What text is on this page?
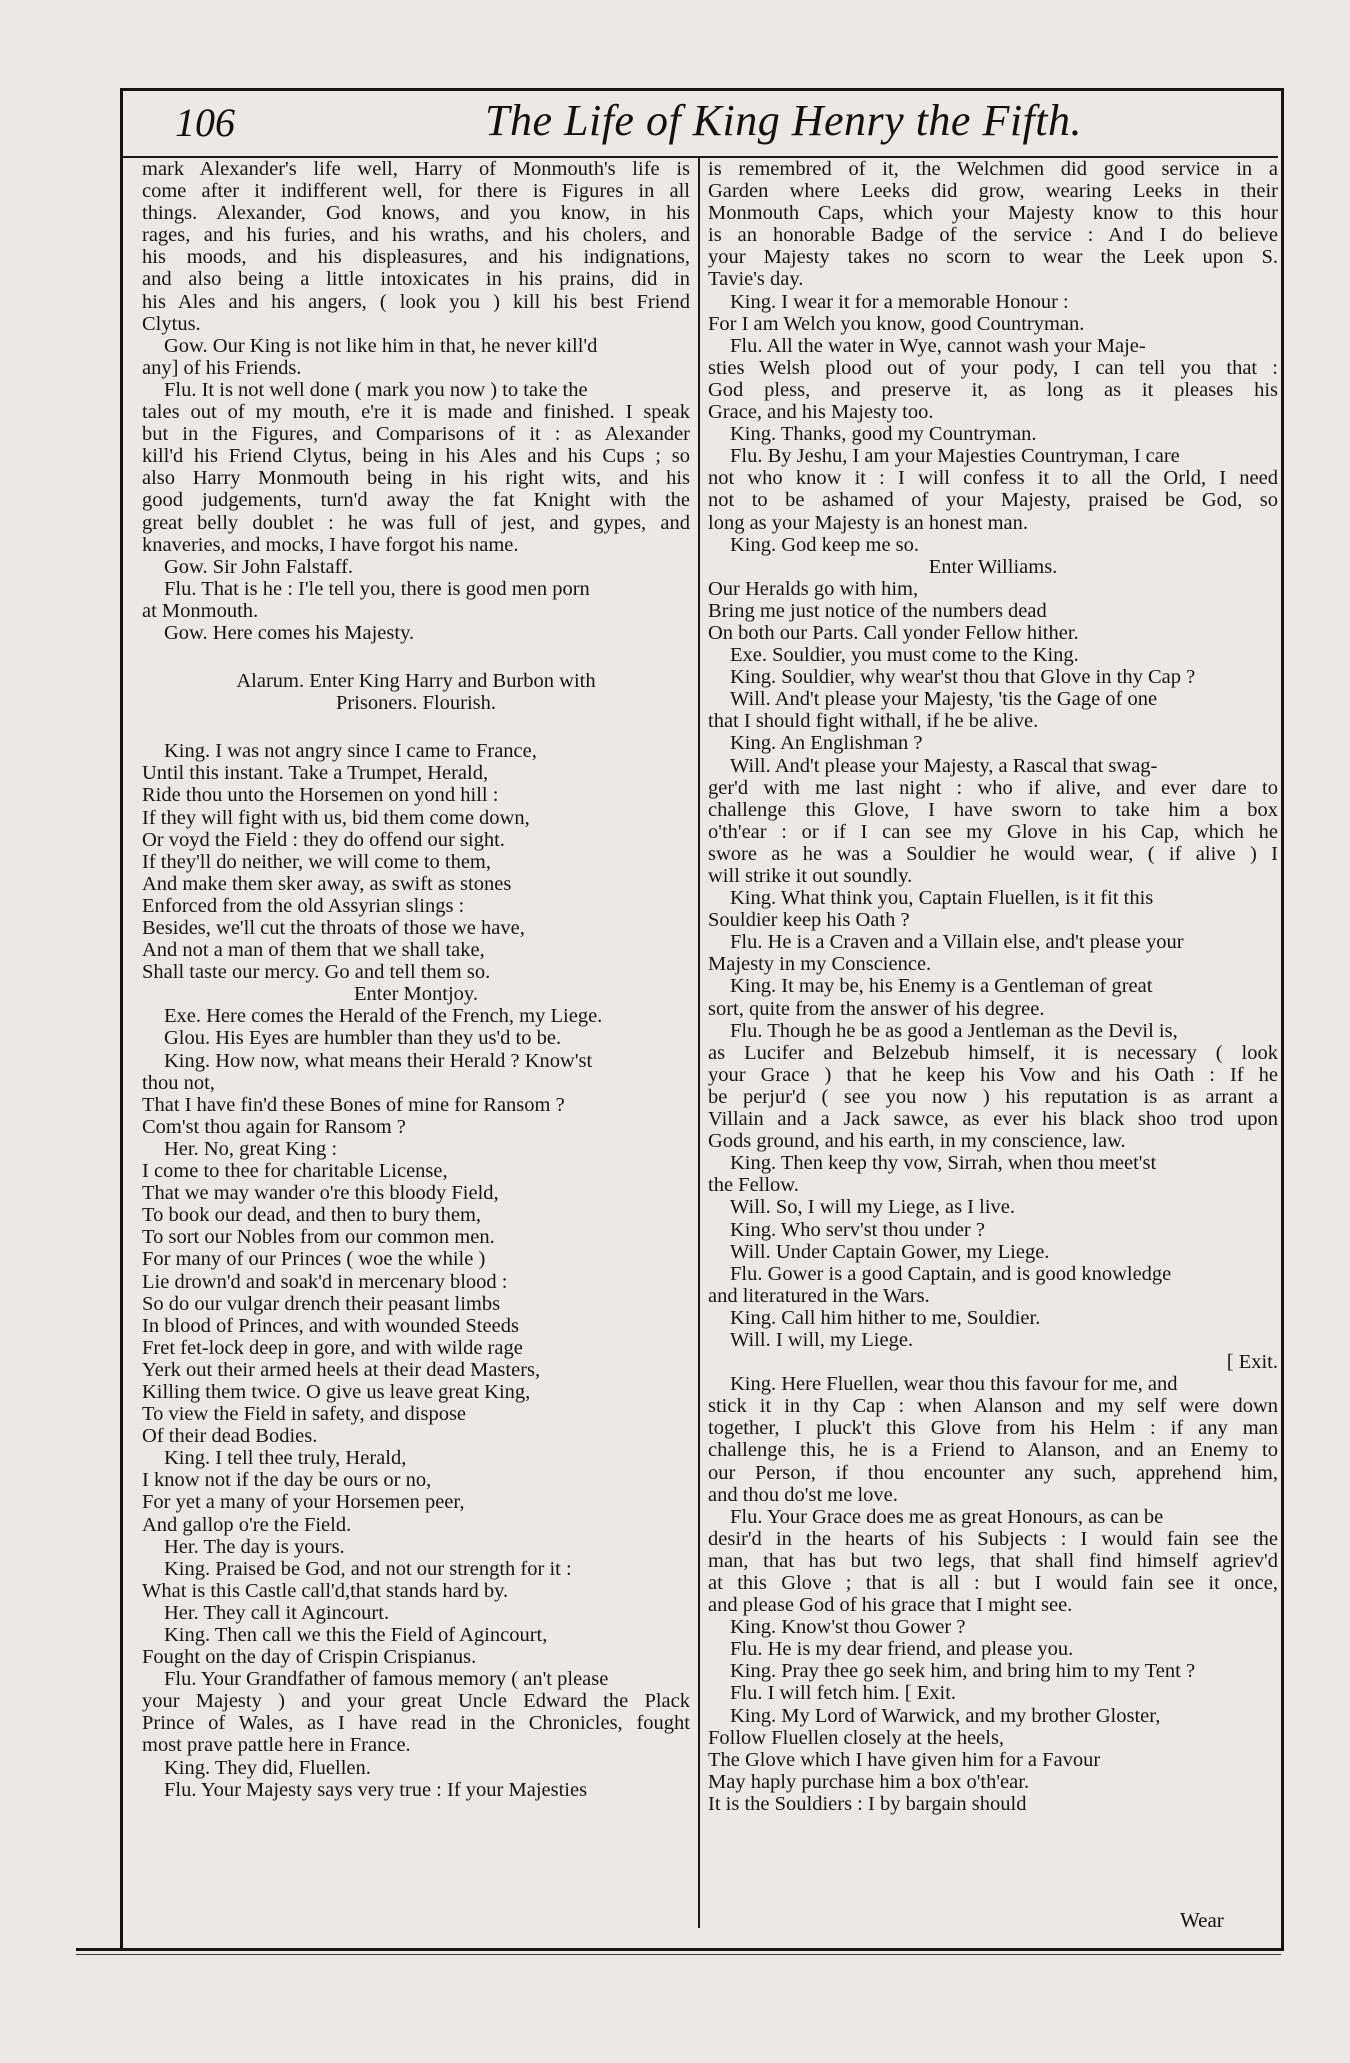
106	The Life of King Henry the Fifth.
mark Alexander's life well, Harry of Monmouth's life is
come after it indifferent well, for there is Figures in all
things. Alexander, God knows, and you know, in his
rages, and his furies, and his wraths, and his cholers, and
his moods, and his displeasures, and his indignations,
and also being a little intoxicates in his prains, did in
his Ales and his angers, ( look you ) kill his best Friend
Clytus.
Gow. Our King is not like him in that, he never kill'd
any] of his Friends.
Flu. It is not well done ( mark you now ) to take the
tales out of my mouth, e're it is made and finished. I speak
but in the Figures, and Comparisons of it : as Alexander
kill'd his Friend Clytus, being in his Ales and his Cups ; so
also Harry Monmouth being in his right wits, and his
good judgements, turn'd away the fat Knight with the
great belly doublet : he was full of jest, and gypes, and
knaveries, and mocks, I have forgot his name.
Gow. Sir John Falstaff.
Flu. That is he : I'le tell you, there is good men porn
at Monmouth.
Gow. Here comes his Majesty.
Alarum. Enter King Harry and Burbon with
Prisoners. Flourish.
King. I was not angry since I came to France,
Until this instant. Take a Trumpet, Herald,
Ride thou unto the Horsemen on yond hill :
If they will fight with us, bid them come down,
Or voyd the Field : they do offend our sight.
If they'll do neither, we will come to them,
And make them sker away, as swift as stones
Enforced from the old Assyrian slings :
Besides, we'll cut the throats of those we have,
And not a man of them that we shall take,
Shall taste our mercy. Go and tell them so.
Enter Montjoy.
Exe. Here comes the Herald of the French, my Liege.
Glou. His Eyes are humbler than they us'd to be.
King. How now, what means their Herald ? Know'st
thou not,
That I have fin'd these Bones of mine for Ransom ?
Com'st thou again for Ransom ?
Her. No, great King :
I come to thee for charitable License,
That we may wander o're this bloody Field,
To book our dead, and then to bury them,
To sort our Nobles from our common men.
For many of our Princes ( woe the while )
Lie drown'd and soak'd in mercenary blood :
So do our vulgar drench their peasant limbs
In blood of Princes, and with wounded Steeds
Fret fet-lock deep in gore, and with wilde rage
Yerk out their armed heels at their dead Masters,
Killing them twice. O give us leave great King,
To view the Field in safety, and dispose
Of their dead Bodies.
King. I tell thee truly, Herald,
I know not if the day be ours or no,
For yet a many of your Horsemen peer,
And gallop o're the Field.
Her. The day is yours.
King. Praised be God, and not our strength for it :
What is this Castle call'd,that stands hard by.
Her. They call it Agincourt.
King. Then call we this the Field of Agincourt,
Fought on the day of Crispin Crispianus.
Flu. Your Grandfather of famous memory ( an't please
your Majesty ) and your great Uncle Edward the Plack
Prince of Wales, as I have read in the Chronicles, fought
most prave pattle here in France.
King. They did, Fluellen.
Flu. Your Majesty says very true : If your Majesties
is remembred of it, the Welchmen did good service in a
Garden where Leeks did grow, wearing Leeks in their
Monmouth Caps, which your Majesty know to this hour
is an honorable Badge of the service : And I do believe
your Majesty takes no scorn to wear the Leek upon S.
Tavie's day.
King. I wear it for a memorable Honour :
For I am Welch you know, good Countryman.
Flu. All the water in Wye, cannot wash your Maje-
sties Welsh plood out of your pody, I can tell you that :
God pless, and preserve it, as long as it pleases his
Grace, and his Majesty too.
King. Thanks, good my Countryman.
Flu. By Jeshu, I am your Majesties Countryman, I care
not who know it : I will confess it to all the Orld, I need
not to be ashamed of your Majesty, praised be God, so
long as your Majesty is an honest man.
King. God keep me so.
Enter Williams.
Our Heralds go with him,
Bring me just notice of the numbers dead
On both our Parts. Call yonder Fellow hither.
Exe. Souldier, you must come to the King.
King. Souldier, why wear'st thou that Glove in thy Cap ?
Will. And't please your Majesty, 'tis the Gage of one
that I should fight withall, if he be alive.
King. An Englishman ?
Will. And't please your Majesty, a Rascal that swag-
ger'd with me last night : who if alive, and ever dare to
challenge this Glove, I have sworn to take him a box
o'th'ear : or if I can see my Glove in his Cap, which he
swore as he was a Souldier he would wear, ( if alive ) I
will strike it out soundly.
King. What think you, Captain Fluellen, is it fit this
Souldier keep his Oath ?
Flu. He is a Craven and a Villain else, and't please your
Majesty in my Conscience.
King. It may be, his Enemy is a Gentleman of great
sort, quite from the answer of his degree.
Flu. Though he be as good a Jentleman as the Devil is,
as Lucifer and Belzebub himself, it is necessary ( look
your Grace ) that he keep his Vow and his Oath : If he
be perjur'd ( see you now ) his reputation is as arrant a
Villain and a Jack sawce, as ever his black shoo trod upon
Gods ground, and his earth, in my conscience, law.
King. Then keep thy vow, Sirrah, when thou meet'st
the Fellow.
Will. So, I will my Liege, as I live.
King. Who serv'st thou under ?
Will. Under Captain Gower, my Liege.
Flu. Gower is a good Captain, and is good knowledge
and literatured in the Wars.
King. Call him hither to me, Souldier.
Will. I will, my Liege.
[ Exit.
King. Here Fluellen, wear thou this favour for me, and
stick it in thy Cap : when Alanson and my self were down
together, I pluck't this Glove from his Helm : if any man
challenge this, he is a Friend to Alanson, and an Enemy to
our Person, if thou encounter any such, apprehend him,
and thou do'st me love.
Flu. Your Grace does me as great Honours, as can be
desir'd in the hearts of his Subjects : I would fain see the
man, that has but two legs, that shall find himself agriev'd
at this Glove ; that is all : but I would fain see it once,
and please God of his grace that I might see.
King. Know'st thou Gower ?
Flu. He is my dear friend, and please you.
King. Pray thee go seek him, and bring him to my Tent ?
Flu. I will fetch him. [ Exit.
King. My Lord of Warwick, and my brother Gloster,
Follow Fluellen closely at the heels,
The Glove which I have given him for a Favour
May haply purchase him a box o'th'ear.
It is the Souldiers : I by bargain should
Wear
